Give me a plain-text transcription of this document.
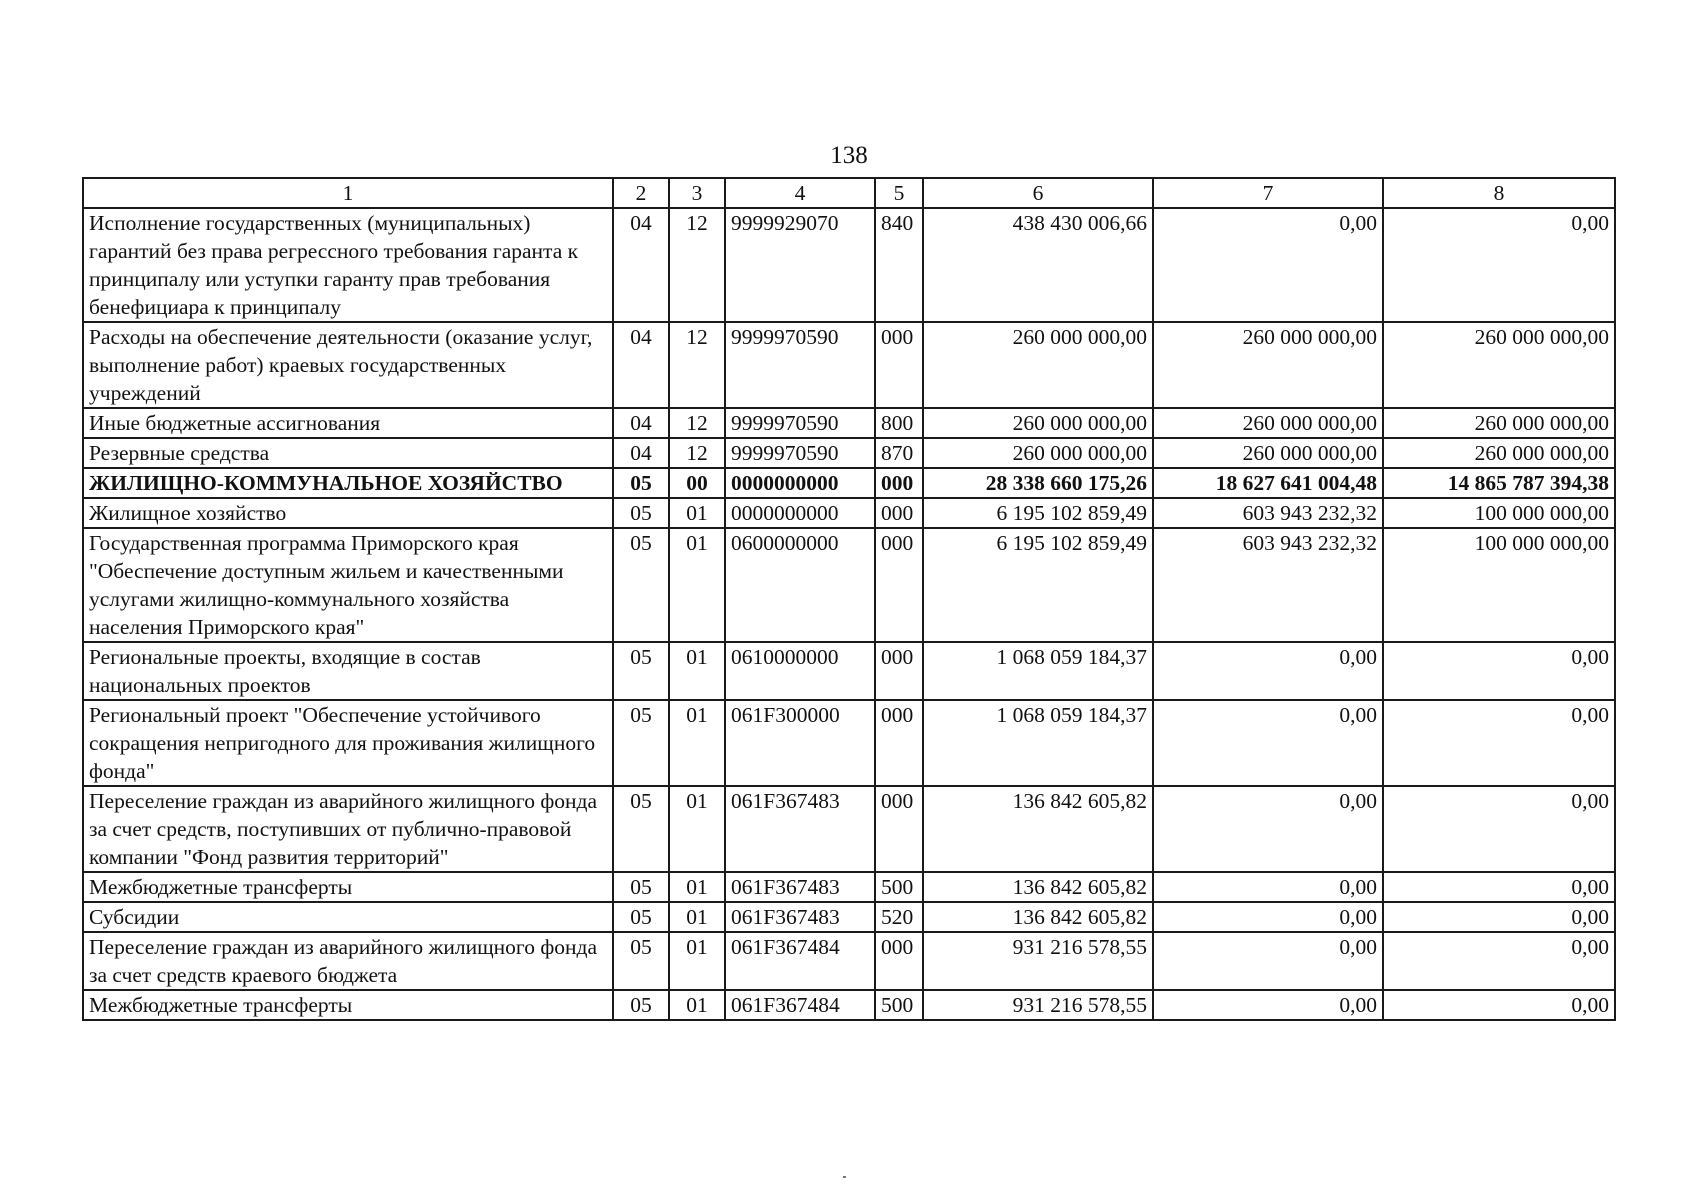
138
1	2	3	4	5	6	7	8
Исполнение государственных (муниципальных) гарантий без права регрессного требования гаранта к принципалу или уступки гаранту прав требования бенефициара к принципалу	04	12	9999929070	840	438 430 006,66	0,00	0,00
Расходы на обеспечение деятельности (оказание услуг, выполнение работ) краевых государственных учреждений	04	12	9999970590	000	260 000 000,00	260 000 000,00	260 000 000,00
Иные бюджетные ассигнования	04	12	9999970590	800	260 000 000,00	260 000 000,00	260 000 000,00
Резервные средства	04	12	9999970590	870	260 000 000,00	260 000 000,00	260 000 000,00
ЖИЛИЩНО-КОММУНАЛЬНОЕ ХОЗЯЙСТВО	05	00	0000000000	000	28 338 660 175,26	18 627 641 004,48	14 865 787 394,38
Жилищное хозяйство	05	01	0000000000	000	6 195 102 859,49	603 943 232,32	100 000 000,00
Государственная программа Приморского края "Обеспечение доступным жильем и качественными услугами жилищно-коммунального хозяйства населения Приморского края"	05	01	0600000000	000	6 195 102 859,49	603 943 232,32	100 000 000,00
Региональные проекты, входящие в состав национальных проектов	05	01	0610000000	000	1 068 059 184,37	0,00	0,00
Региональный проект "Обеспечение устойчивого сокращения непригодного для проживания жилищного фонда"	05	01	061F300000	000	1 068 059 184,37	0,00	0,00
Переселение граждан из аварийного жилищного фонда за счет средств, поступивших от публично-правовой компании "Фонд развития территорий"	05	01	061F367483	000	136 842 605,82	0,00	0,00
Межбюджетные трансферты	05	01	061F367483	500	136 842 605,82	0,00	0,00
Субсидии	05	01	061F367483	520	136 842 605,82	0,00	0,00
Переселение граждан из аварийного жилищного фонда за счет средств краевого бюджета	05	01	061F367484	000	931 216 578,55	0,00	0,00
Межбюджетные трансферты	05	01	061F367484	500	931 216 578,55	0,00	0,00
